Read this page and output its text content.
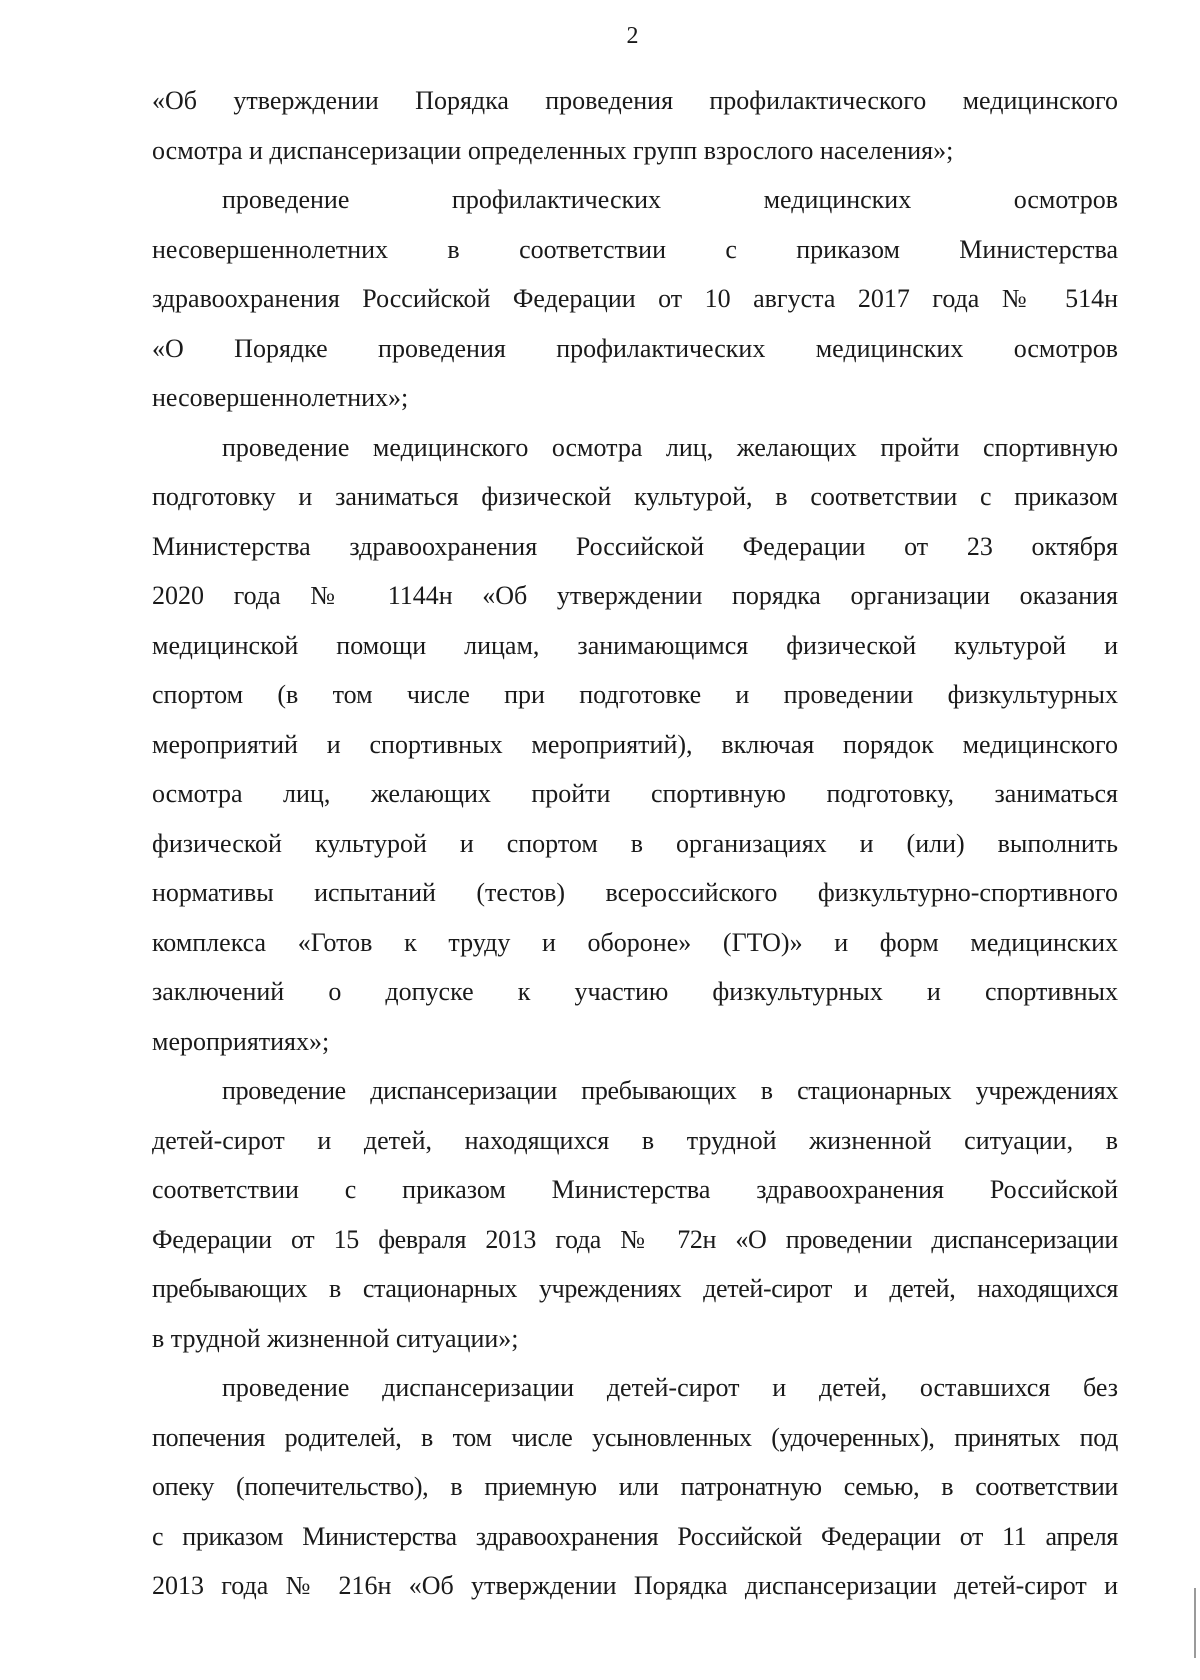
2
«Об утверждении Порядка проведения профилактического медицинского
осмотра и диспансеризации определенных групп взрослого населения»;
проведение профилактических медицинских осмотров
несовершеннолетних в соответствии с приказом Министерства
здравоохранения Российской Федерации от 10 августа 2017 года № 514н
«О Порядке проведения профилактических медицинских осмотров
несовершеннолетних»;
проведение медицинского осмотра лиц, желающих пройти спортивную
подготовку и заниматься физической культурой, в соответствии с приказом
Министерства здравоохранения Российской Федерации от 23 октября
2020 года № 1144н «Об утверждении порядка организации оказания
медицинской помощи лицам, занимающимся физической культурой и
спортом (в том числе при подготовке и проведении физкультурных
мероприятий и спортивных мероприятий), включая порядок медицинского
осмотра лиц, желающих пройти спортивную подготовку, заниматься
физической культурой и спортом в организациях и (или) выполнить
нормативы испытаний (тестов) всероссийского физкультурно-спортивного
комплекса «Готов к труду и обороне» (ГТО)» и форм медицинских
заключений о допуске к участию физкультурных и спортивных
мероприятиях»;
проведение диспансеризации пребывающих в стационарных учреждениях
детей-сирот и детей, находящихся в трудной жизненной ситуации, в
соответствии с приказом Министерства здравоохранения Российской
Федерации от 15 февраля 2013 года № 72н «О проведении диспансеризации
пребывающих в стационарных учреждениях детей-сирот и детей, находящихся
в трудной жизненной ситуации»;
проведение диспансеризации детей-сирот и детей, оставшихся без
попечения родителей, в том числе усыновленных (удочеренных), принятых под
опеку (попечительство), в приемную или патронатную семью, в соответствии
с приказом Министерства здравоохранения Российской Федерации от 11 апреля
2013 года № 216н «Об утверждении Порядка диспансеризации детей-сирот и
